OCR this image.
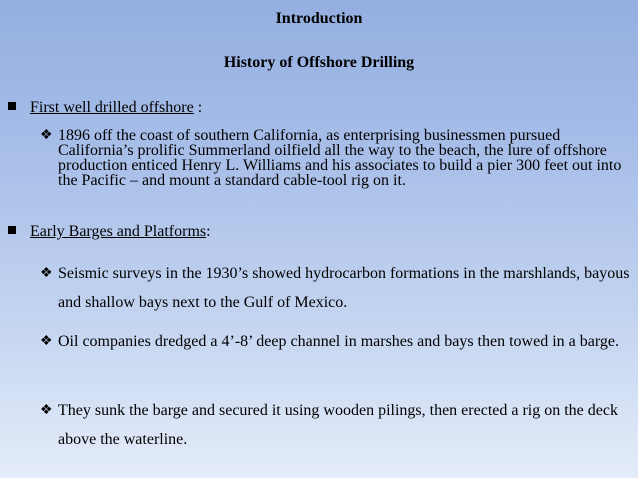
Introduction
History of Offshore Drilling
First well drilled offshore :
❖ 1896 off the coast of southern California, as enterprising businessmen pursued California’s prolific Summerland oilfield all the way to the beach, the lure of offshore production enticed Henry L. Williams and his associates to build a pier 300 feet out into the Pacific – and mount a standard cable-tool rig on it.
Early Barges and Platforms:
❖ Seismic surveys in the 1930’s showed hydrocarbon formations in the marshlands, bayous and shallow bays next to the Gulf of Mexico.
❖ Oil companies dredged a 4’-8’ deep channel in marshes and bays then towed in a barge.
❖ They sunk the barge and secured it using wooden pilings, then erected a rig on the deck above the waterline.
